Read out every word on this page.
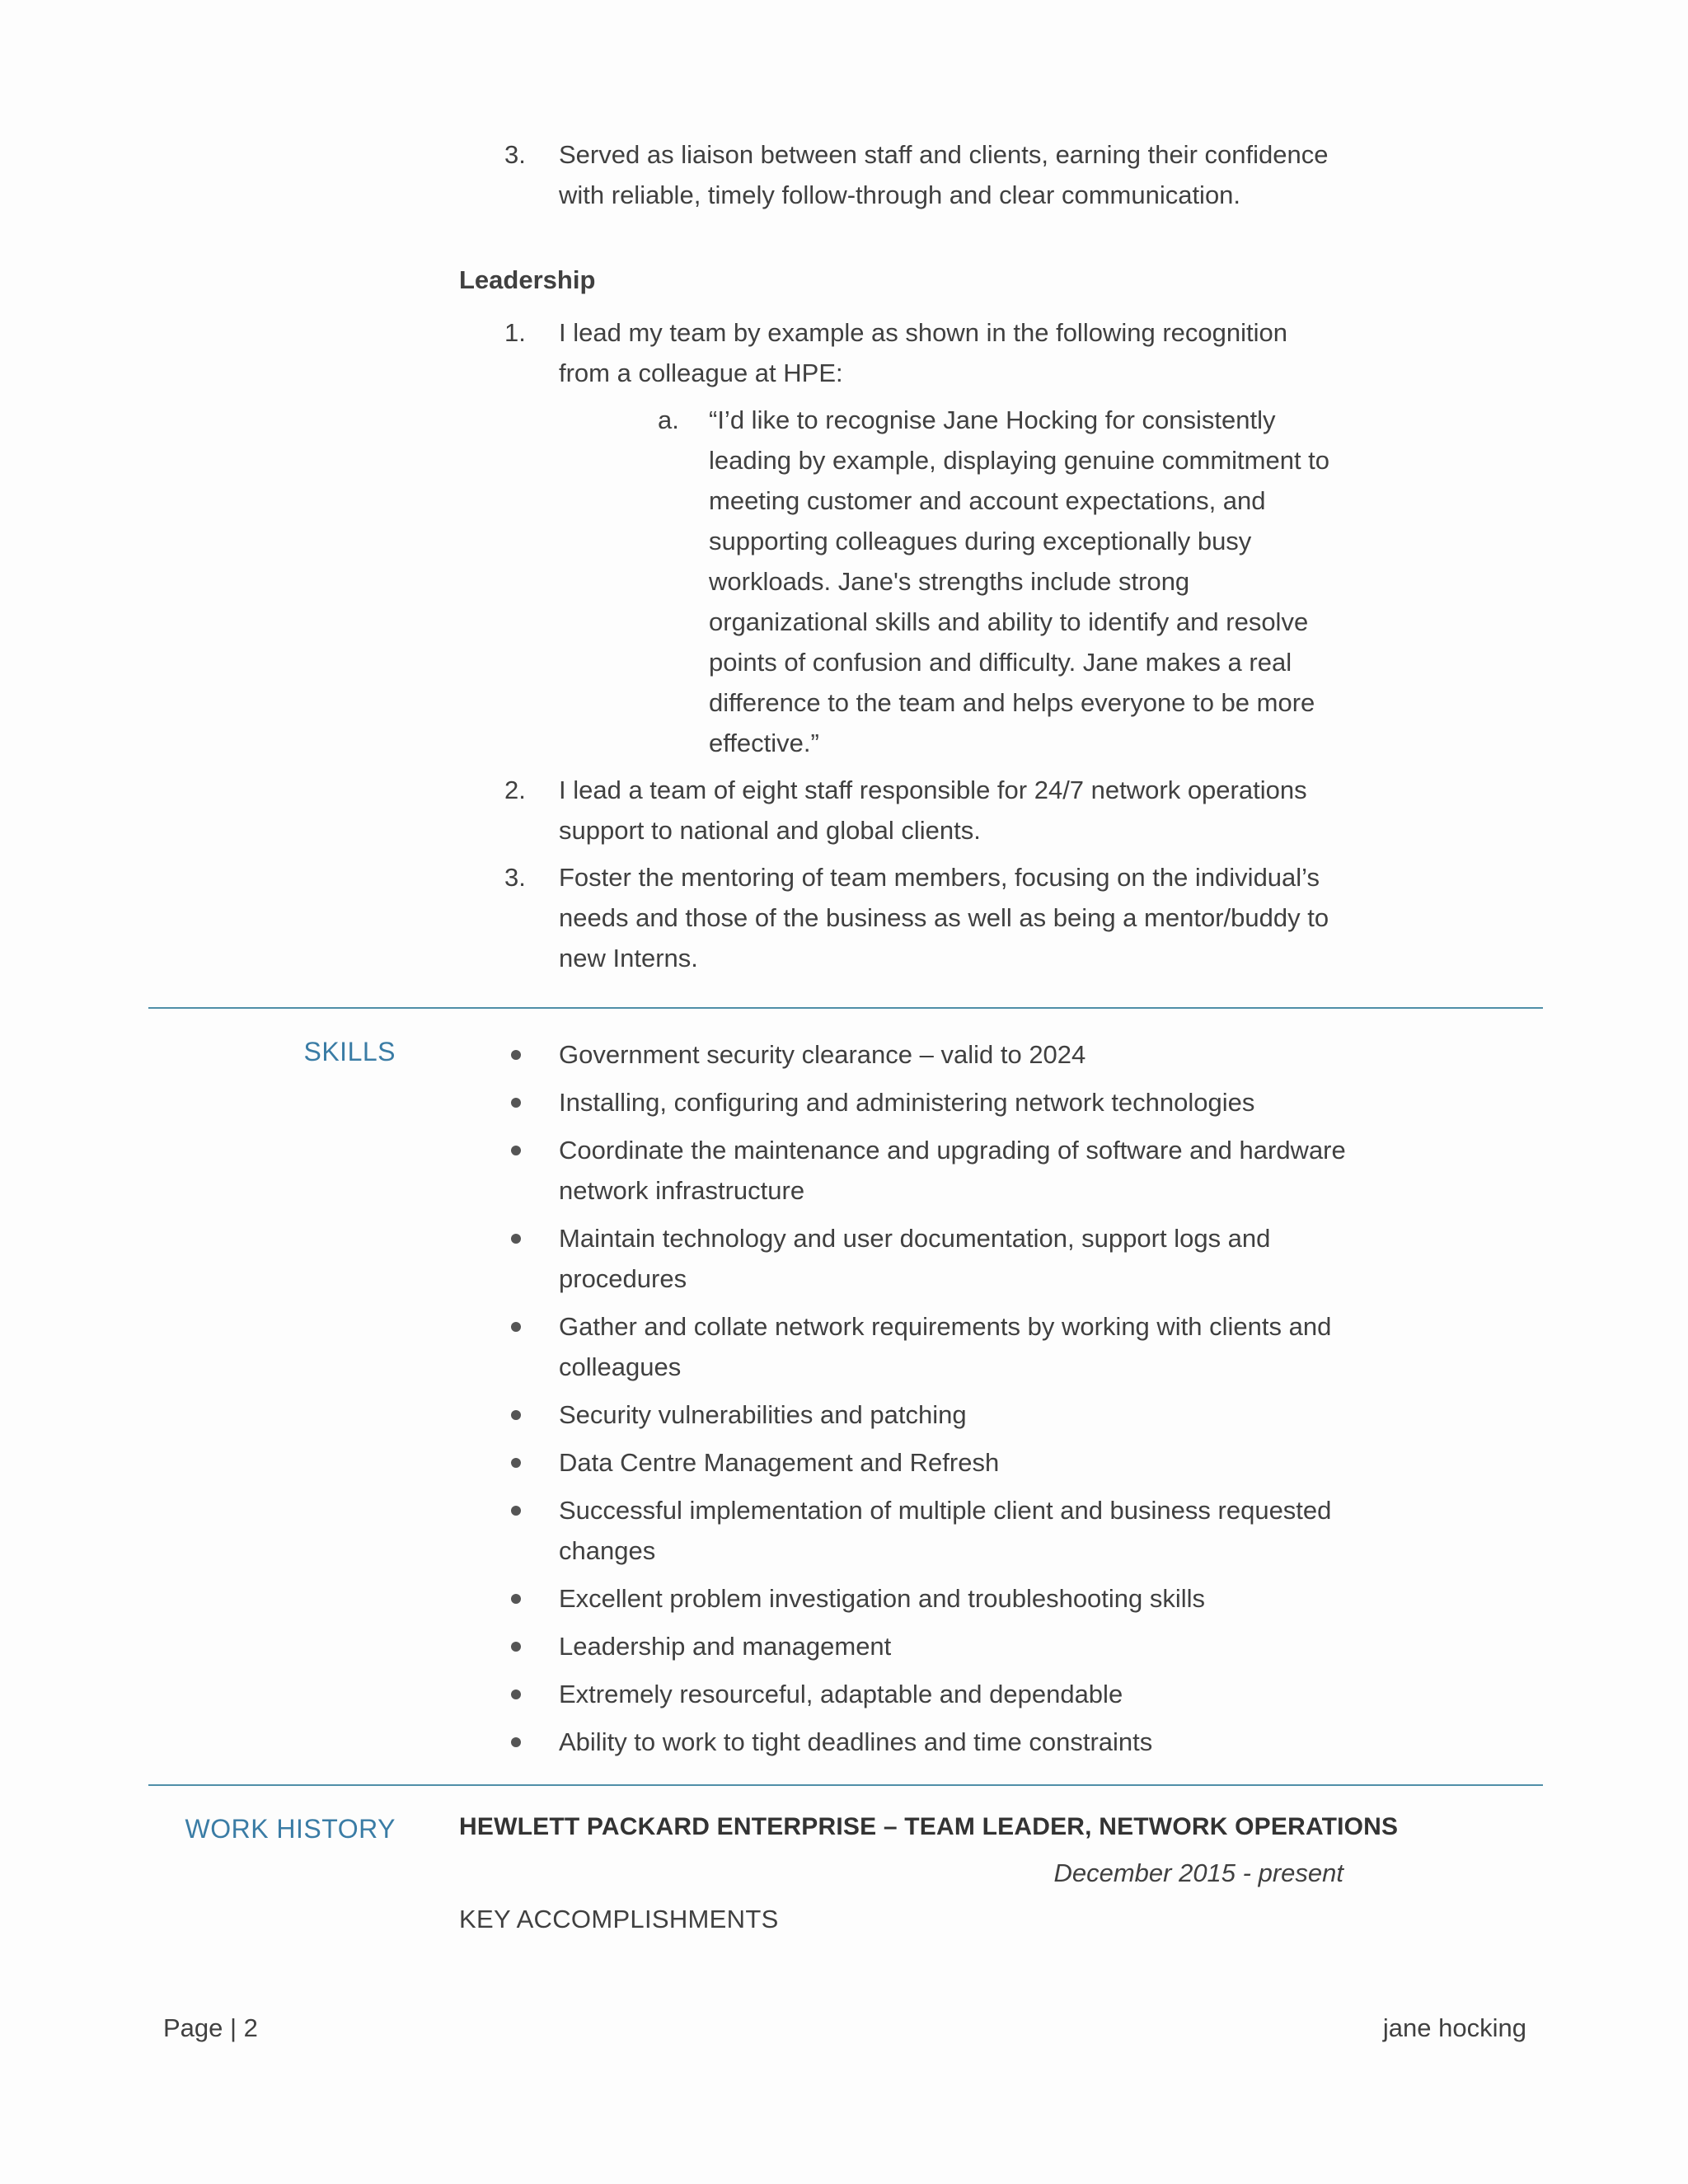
3. Served as liaison between staff and clients, earning their confidence with reliable, timely follow-through and clear communication.
Leadership
1. I lead my team by example as shown in the following recognition from a colleague at HPE:
a. “I’d like to recognise Jane Hocking for consistently leading by example, displaying genuine commitment to meeting customer and account expectations, and supporting colleagues during exceptionally busy workloads. Jane's strengths include strong organizational skills and ability to identify and resolve points of confusion and difficulty. Jane makes a real difference to the team and helps everyone to be more effective.”
2. I lead a team of eight staff responsible for 24/7 network operations support to national and global clients.
3. Foster the mentoring of team members, focusing on the individual’s needs and those of the business as well as being a mentor/buddy to new Interns.
SKILLS	Government security clearance – valid to 2024
Installing, configuring and administering network technologies
Coordinate the maintenance and upgrading of software and hardware network infrastructure
Maintain technology and user documentation, support logs and procedures
Gather and collate network requirements by working with clients and colleagues
Security vulnerabilities and patching
Data Centre Management and Refresh
Successful implementation of multiple client and business requested changes
Excellent problem investigation and troubleshooting skills
Leadership and management
Extremely resourceful, adaptable and dependable
Ability to work to tight deadlines and time constraints
WORK HISTORY	HEWLETT PACKARD ENTERPRISE – TEAM LEADER, NETWORK OPERATIONS
December 2015 - present
KEY ACCOMPLISHMENTS
Page | 2	jane hocking
